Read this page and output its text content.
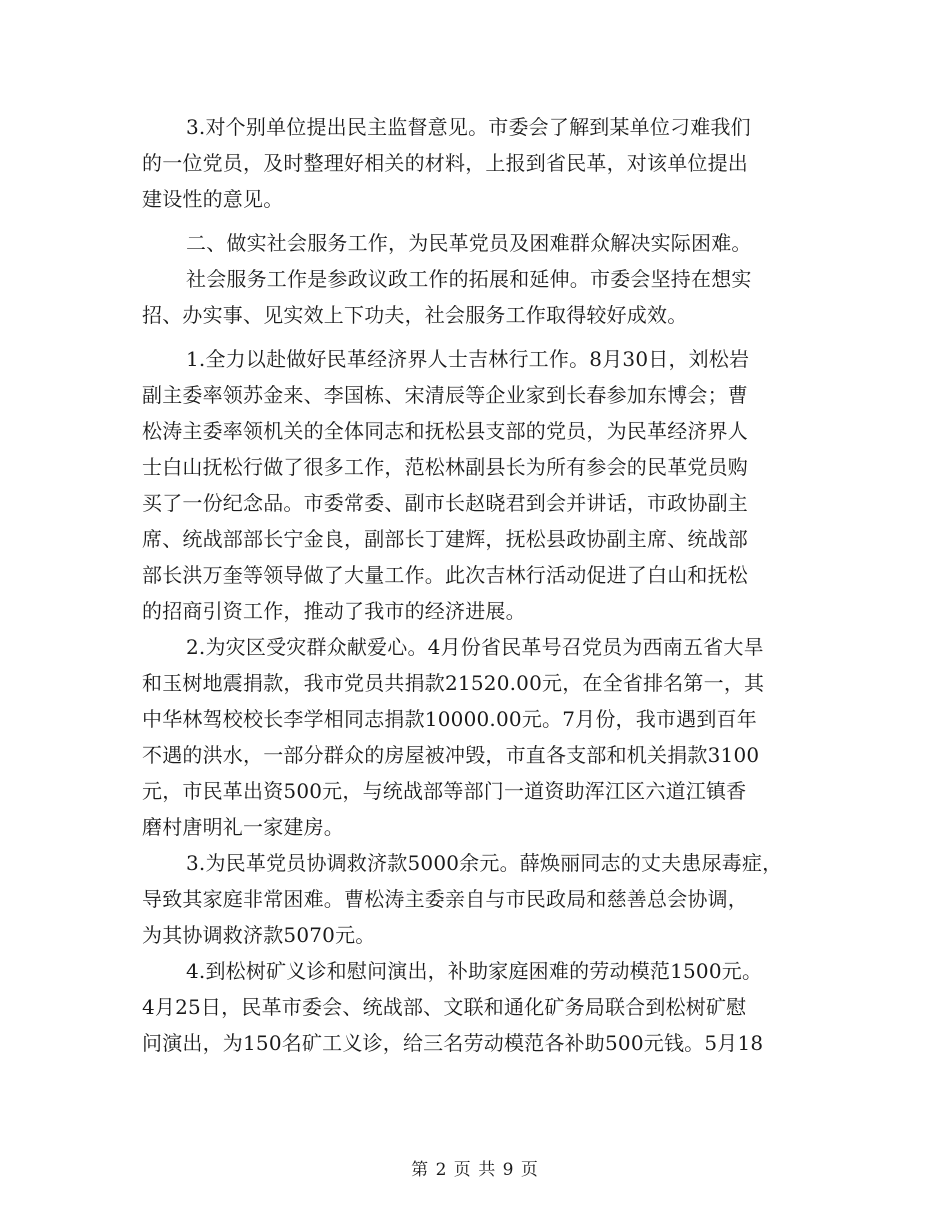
3.对个别单位提出民主监督意见。市委会了解到某单位刁难我们
的一位党员，及时整理好相关的材料，上报到省民革，对该单位提出
建设性的意见。
二、做实社会服务工作，为民革党员及困难群众解决实际困难。
社会服务工作是参政议政工作的拓展和延伸。市委会坚持在想实
招、办实事、见实效上下功夫，社会服务工作取得较好成效。
1.全力以赴做好民革经济界人士吉林行工作。8月30日，刘松岩
副主委率领苏金来、李国栋、宋清辰等企业家到长春参加东博会；曹
松涛主委率领机关的全体同志和抚松县支部的党员，为民革经济界人
士白山抚松行做了很多工作，范松林副县长为所有参会的民革党员购
买了一份纪念品。市委常委、副市长赵晓君到会并讲话，市政协副主
席、统战部部长宁金良，副部长丁建辉，抚松县政协副主席、统战部
部长洪万奎等领导做了大量工作。此次吉林行活动促进了白山和抚松
的招商引资工作，推动了我市的经济进展。
2.为灾区受灾群众献爱心。4月份省民革号召党员为西南五省大旱
和玉树地震捐款，我市党员共捐款21520.00元，在全省排名第一，其
中华林驾校校长李学相同志捐款10000.00元。7月份，我市遇到百年
不遇的洪水，一部分群众的房屋被冲毁，市直各支部和机关捐款3100
元，市民革出资500元，与统战部等部门一道资助浑江区六道江镇香
磨村唐明礼一家建房。
3.为民革党员协调救济款5000余元。薛焕丽同志的丈夫患尿毒症，
导致其家庭非常困难。曹松涛主委亲自与市民政局和慈善总会协调，
为其协调救济款5070元。
4.到松树矿义诊和慰问演出，补助家庭困难的劳动模范1500元。
4月25日，民革市委会、统战部、文联和通化矿务局联合到松树矿慰
问演出，为150名矿工义诊，给三名劳动模范各补助500元钱。5月18
第 2 页 共 9 页
